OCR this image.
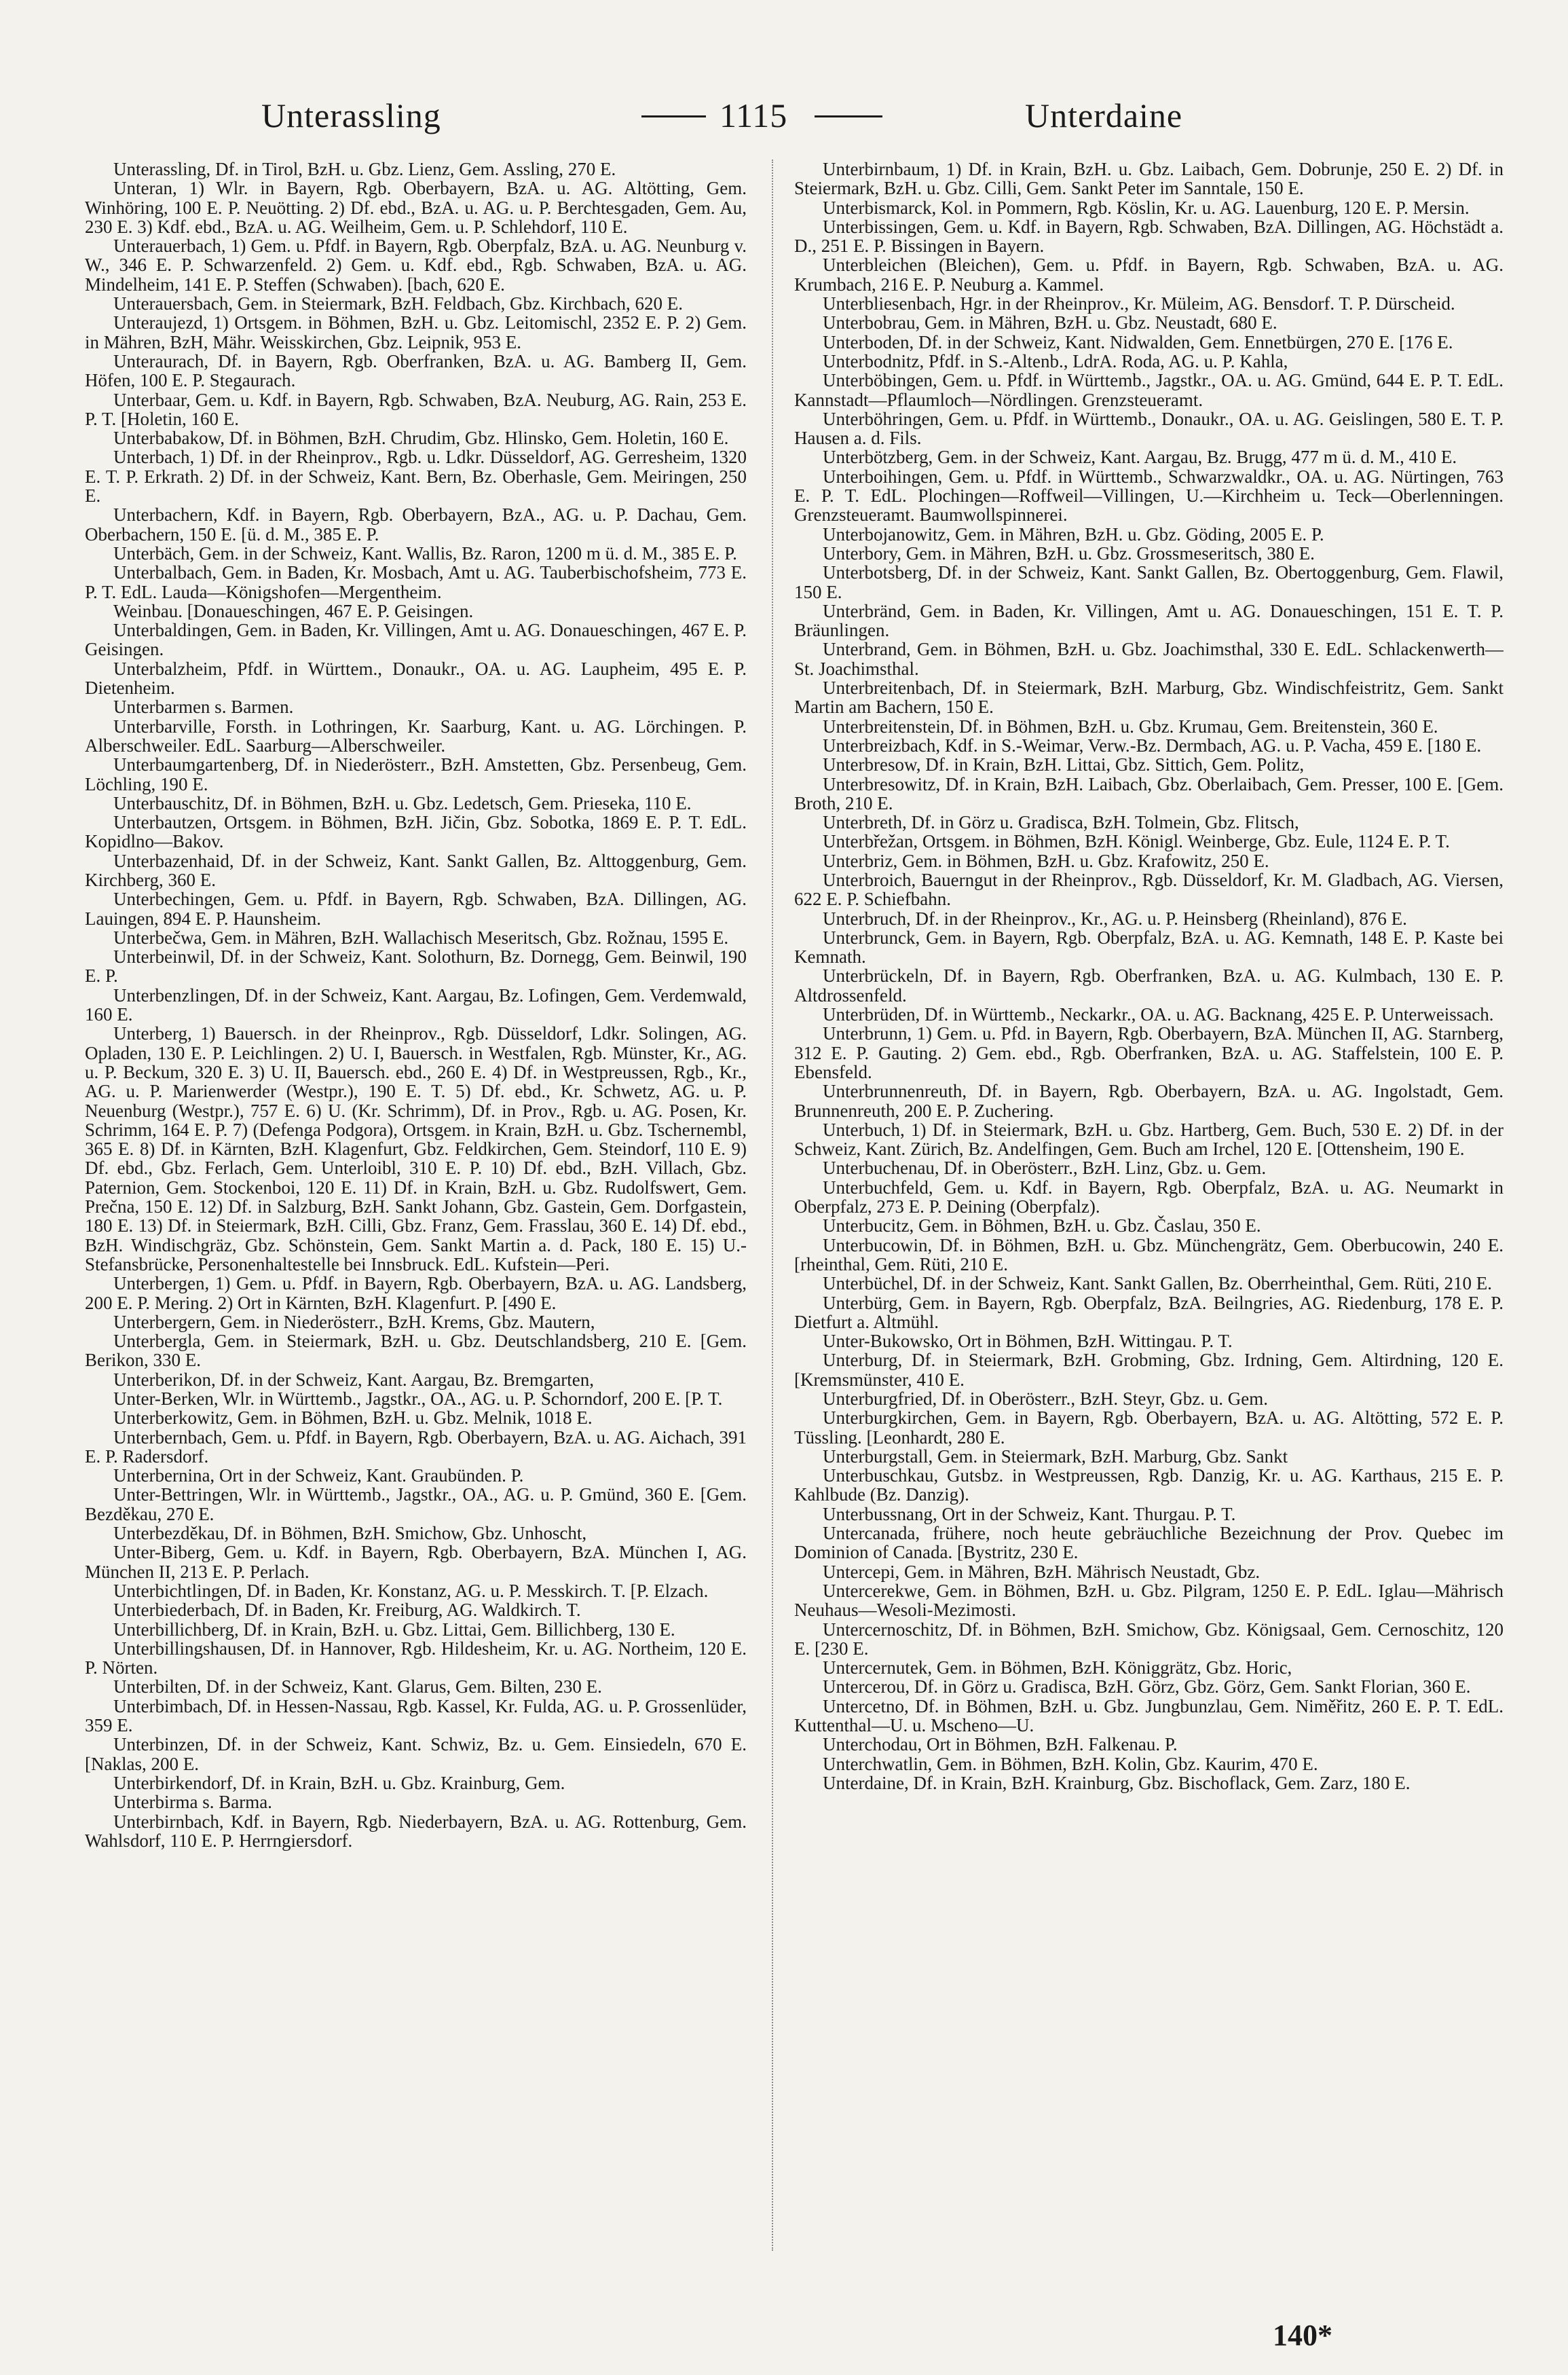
Unterassling	1115	Unterdaine

Unterassling, Df. in Tirol, BzH. u. Gbz. Lienz, Gem. Assling, 270 E.

Unteran, 1) Wlr. in Bayern, Rgb. Oberbayern, BzA. u. AG. Altötting, Gem. Winhöring, 100 E. P. Neuötting. 2) Df. ebd., BzA. u. AG. u. P. Berchtesgaden, Gem. Au, 230 E. 3) Kdf. ebd., BzA. u. AG. Weilheim, Gem. u. P. Schlehdorf, 110 E.

Unterauerbach, 1) Gem. u. Pfdf. in Bayern, Rgb. Oberpfalz, BzA. u. AG. Neunburg v. W., 346 E. P. Schwarzenfeld. 2) Gem. u. Kdf. ebd., Rgb. Schwaben, BzA. u. AG. Mindelheim, 141 E. P. Steffen (Schwaben). [bach, 620 E.

Unterauersbach, Gem. in Steiermark, BzH. Feldbach, Gbz. Kirchbach, 620 E.

Unteraujezd, 1) Ortsgem. in Böhmen, BzH. u. Gbz. Leitomischl, 2352 E. P. 2) Gem. in Mähren, BzH, Mähr. Weisskirchen, Gbz. Leipnik, 953 E.

Unteraurach, Df. in Bayern, Rgb. Oberfranken, BzA. u. AG. Bamberg II, Gem. Höfen, 100 E. P. Stegaurach.

Unterbaar, Gem. u. Kdf. in Bayern, Rgb. Schwaben, BzA. Neuburg, AG. Rain, 253 E. P. T. [Holetin, 160 E.

Unterbabakow, Df. in Böhmen, BzH. Chrudim, Gbz. Hlinsko, Gem. Holetin, 160 E.

Unterbach, 1) Df. in der Rheinprov., Rgb. u. Ldkr. Düsseldorf, AG. Gerresheim, 1320 E. T. P. Erkrath. 2) Df. in der Schweiz, Kant. Bern, Bz. Oberhasle, Gem. Meiringen, 250 E.

Unterbachern, Kdf. in Bayern, Rgb. Oberbayern, BzA., AG. u. P. Dachau, Gem. Oberbachern, 150 E. [ü. d. M., 385 E. P.

Unterbäch, Gem. in der Schweiz, Kant. Wallis, Bz. Raron, 1200 m ü. d. M., 385 E. P.

Unterbalbach, Gem. in Baden, Kr. Mosbach, Amt u. AG. Tauberbischofsheim, 773 E. P. T. EdL. Lauda—Königshofen—Mergentheim.

Weinbau. [Donaueschingen, 467 E. P. Geisingen.

Unterbaldingen, Gem. in Baden, Kr. Villingen, Amt u. AG. Donaueschingen, 467 E. P. Geisingen.

Unterbalzheim, Pfdf. in Württem., Donaukr., OA. u. AG. Laupheim, 495 E. P. Dietenheim.

Unterbarmen s. Barmen.

Unterbarville, Forsth. in Lothringen, Kr. Saarburg, Kant. u. AG. Lörchingen. P. Alberschweiler. EdL. Saarburg—Alberschweiler.

Unterbaumgartenberg, Df. in Niederösterr., BzH. Amstetten, Gbz. Persenbeug, Gem. Löchling, 190 E.

Unterbauschitz, Df. in Böhmen, BzH. u. Gbz. Ledetsch, Gem. Prieseka, 110 E.

Unterbautzen, Ortsgem. in Böhmen, BzH. Jičin, Gbz. Sobotka, 1869 E. P. T. EdL. Kopidlno—Bakov.

Unterbazenhaid, Df. in der Schweiz, Kant. Sankt Gallen, Bz. Alttoggenburg, Gem. Kirchberg, 360 E.

Unterbechingen, Gem. u. Pfdf. in Bayern, Rgb. Schwaben, BzA. Dillingen, AG. Lauingen, 894 E. P. Haunsheim.

Unterbečwa, Gem. in Mähren, BzH. Wallachisch Meseritsch, Gbz. Rožnau, 1595 E.

Unterbeinwil, Df. in der Schweiz, Kant. Solothurn, Bz. Dornegg, Gem. Beinwil, 190 E. P.

Unterbenzlingen, Df. in der Schweiz, Kant. Aargau, Bz. Lofingen, Gem. Verdemwald, 160 E.

Unterberg, 1) Bauersch. in der Rheinprov., Rgb. Düsseldorf, Ldkr. Solingen, AG. Opladen, 130 E. P. Leichlingen. 2) U. I, Bauersch. in Westfalen, Rgb. Münster, Kr., AG. u. P. Beckum, 320 E. 3) U. II, Bauersch. ebd., 260 E. 4) Df. in Westpreussen, Rgb., Kr., AG. u. P. Marienwerder (Westpr.), 190 E. T. 5) Df. ebd., Kr. Schwetz, AG. u. P. Neuenburg (Westpr.), 757 E. 6) U. (Kr. Schrimm), Df. in Prov., Rgb. u. AG. Posen, Kr. Schrimm, 164 E. P. 7) (Defenga Podgora), Ortsgem. in Krain, BzH. u. Gbz. Tschernembl, 365 E. 8) Df. in Kärnten, BzH. Klagenfurt, Gbz. Feldkirchen, Gem. Steindorf, 110 E. 9) Df. ebd., Gbz. Ferlach, Gem. Unterloibl, 310 E. P. 10) Df. ebd., BzH. Villach, Gbz. Paternion, Gem. Stockenboi, 120 E. 11) Df. in Krain, BzH. u. Gbz. Rudolfswert, Gem. Prečna, 150 E. 12) Df. in Salzburg, BzH. Sankt Johann, Gbz. Gastein, Gem. Dorfgastein, 180 E. 13) Df. in Steiermark, BzH. Cilli, Gbz. Franz, Gem. Frasslau, 360 E. 14) Df. ebd., BzH. Windischgräz, Gbz. Schönstein, Gem. Sankt Martin a. d. Pack, 180 E. 15) U.-Stefansbrücke, Personenhaltestelle bei Innsbruck. EdL. Kufstein—Peri.

Unterbergen, 1) Gem. u. Pfdf. in Bayern, Rgb. Oberbayern, BzA. u. AG. Landsberg, 200 E. P. Mering. 2) Ort in Kärnten, BzH. Klagenfurt. P. [490 E.

Unterbergern, Gem. in Niederösterr., BzH. Krems, Gbz. Mautern,

Unterbergla, Gem. in Steiermark, BzH. u. Gbz. Deutschlandsberg, 210 E. [Gem. Berikon, 330 E.

Unterberikon, Df. in der Schweiz, Kant. Aargau, Bz. Bremgarten,

Unter-Berken, Wlr. in Württemb., Jagstkr., OA., AG. u. P. Schorndorf, 200 E. [P. T.

Unterberkowitz, Gem. in Böhmen, BzH. u. Gbz. Melnik, 1018 E.

Unterbernbach, Gem. u. Pfdf. in Bayern, Rgb. Oberbayern, BzA. u. AG. Aichach, 391 E. P. Radersdorf.

Unterbernina, Ort in der Schweiz, Kant. Graubünden. P.

Unter-Bettringen, Wlr. in Württemb., Jagstkr., OA., AG. u. P. Gmünd, 360 E. [Gem. Bezděkau, 270 E.

Unterbezděkau, Df. in Böhmen, BzH. Smichow, Gbz. Unhoscht,

Unter-Biberg, Gem. u. Kdf. in Bayern, Rgb. Oberbayern, BzA. München I, AG. München II, 213 E. P. Perlach.

Unterbichtlingen, Df. in Baden, Kr. Konstanz, AG. u. P. Messkirch. T. [P. Elzach.

Unterbiederbach, Df. in Baden, Kr. Freiburg, AG. Waldkirch. T.

Unterbillichberg, Df. in Krain, BzH. u. Gbz. Littai, Gem. Billichberg, 130 E.

Unterbillingshausen, Df. in Hannover, Rgb. Hildesheim, Kr. u. AG. Northeim, 120 E. P. Nörten.

Unterbilten, Df. in der Schweiz, Kant. Glarus, Gem. Bilten, 230 E.

Unterbimbach, Df. in Hessen-Nassau, Rgb. Kassel, Kr. Fulda, AG. u. P. Grossenlüder, 359 E.

Unterbinzen, Df. in der Schweiz, Kant. Schwiz, Bz. u. Gem. Einsiedeln, 670 E. [Naklas, 200 E.

Unterbirkendorf, Df. in Krain, BzH. u. Gbz. Krainburg, Gem.

Unterbirma s. Barma.

Unterbirnbach, Kdf. in Bayern, Rgb. Niederbayern, BzA. u. AG. Rottenburg, Gem. Wahlsdorf, 110 E. P. Herrngiersdorf.

Unterbirnbaum, 1) Df. in Krain, BzH. u. Gbz. Laibach, Gem. Dobrunje, 250 E. 2) Df. in Steiermark, BzH. u. Gbz. Cilli, Gem. Sankt Peter im Sanntale, 150 E.

Unterbismarck, Kol. in Pommern, Rgb. Köslin, Kr. u. AG. Lauenburg, 120 E. P. Mersin.

Unterbissingen, Gem. u. Kdf. in Bayern, Rgb. Schwaben, BzA. Dillingen, AG. Höchstädt a. D., 251 E. P. Bissingen in Bayern.

Unterbleichen (Bleichen), Gem. u. Pfdf. in Bayern, Rgb. Schwaben, BzA. u. AG. Krumbach, 216 E. P. Neuburg a. Kammel.

Unterbliesenbach, Hgr. in der Rheinprov., Kr. Müleim, AG. Bensdorf. T. P. Dürscheid.

Unterbobrau, Gem. in Mähren, BzH. u. Gbz. Neustadt, 680 E.

Unterboden, Df. in der Schweiz, Kant. Nidwalden, Gem. Ennetbürgen, 270 E. [176 E.

Unterbodnitz, Pfdf. in S.-Altenb., LdrA. Roda, AG. u. P. Kahla,

Unterböbingen, Gem. u. Pfdf. in Württemb., Jagstkr., OA. u. AG. Gmünd, 644 E. P. T. EdL. Kannstadt—Pflaumloch—Nördlingen. Grenzsteueramt.

Unterböhringen, Gem. u. Pfdf. in Württemb., Donaukr., OA. u. AG. Geislingen, 580 E. T. P. Hausen a. d. Fils.

Unterbötzberg, Gem. in der Schweiz, Kant. Aargau, Bz. Brugg, 477 m ü. d. M., 410 E.

Unterboihingen, Gem. u. Pfdf. in Württemb., Schwarzwaldkr., OA. u. AG. Nürtingen, 763 E. P. T. EdL. Plochingen—Roffweil—Villingen, U.—Kirchheim u. Teck—Oberlenningen. Grenzsteueramt. Baumwollspinnerei.

Unterbojanowitz, Gem. in Mähren, BzH. u. Gbz. Göding, 2005 E. P.

Unterbory, Gem. in Mähren, BzH. u. Gbz. Grossmeseritsch, 380 E.

Unterbotsberg, Df. in der Schweiz, Kant. Sankt Gallen, Bz. Obertoggenburg, Gem. Flawil, 150 E.

Unterbränd, Gem. in Baden, Kr. Villingen, Amt u. AG. Donaueschingen, 151 E. T. P. Bräunlingen.

Unterbrand, Gem. in Böhmen, BzH. u. Gbz. Joachimsthal, 330 E. EdL. Schlackenwerth—St. Joachimsthal.

Unterbreitenbach, Df. in Steiermark, BzH. Marburg, Gbz. Windischfeistritz, Gem. Sankt Martin am Bachern, 150 E.

Unterbreitenstein, Df. in Böhmen, BzH. u. Gbz. Krumau, Gem. Breitenstein, 360 E.

Unterbreizbach, Kdf. in S.-Weimar, Verw.-Bz. Dermbach, AG. u. P. Vacha, 459 E. [180 E.

Unterbresow, Df. in Krain, BzH. Littai, Gbz. Sittich, Gem. Politz,

Unterbresowitz, Df. in Krain, BzH. Laibach, Gbz. Oberlaibach, Gem. Presser, 100 E. [Gem. Broth, 210 E.

Unterbreth, Df. in Görz u. Gradisca, BzH. Tolmein, Gbz. Flitsch,

Unterbřežan, Ortsgem. in Böhmen, BzH. Königl. Weinberge, Gbz. Eule, 1124 E. P. T.

Unterbriz, Gem. in Böhmen, BzH. u. Gbz. Krafowitz, 250 E.

Unterbroich, Bauerngut in der Rheinprov., Rgb. Düsseldorf, Kr. M. Gladbach, AG. Viersen, 622 E. P. Schiefbahn.

Unterbruch, Df. in der Rheinprov., Kr., AG. u. P. Heinsberg (Rheinland), 876 E.

Unterbrunck, Gem. in Bayern, Rgb. Oberpfalz, BzA. u. AG. Kemnath, 148 E. P. Kaste bei Kemnath.

Unterbrückeln, Df. in Bayern, Rgb. Oberfranken, BzA. u. AG. Kulmbach, 130 E. P. Altdrossenfeld.

Unterbrüden, Df. in Württemb., Neckarkr., OA. u. AG. Backnang, 425 E. P. Unterweissach.

Unterbrunn, 1) Gem. u. Pfd. in Bayern, Rgb. Oberbayern, BzA. München II, AG. Starnberg, 312 E. P. Gauting. 2) Gem. ebd., Rgb. Oberfranken, BzA. u. AG. Staffelstein, 100 E. P. Ebensfeld.

Unterbrunnenreuth, Df. in Bayern, Rgb. Oberbayern, BzA. u. AG. Ingolstadt, Gem. Brunnenreuth, 200 E. P. Zuchering.

Unterbuch, 1) Df. in Steiermark, BzH. u. Gbz. Hartberg, Gem. Buch, 530 E. 2) Df. in der Schweiz, Kant. Zürich, Bz. Andelfingen, Gem. Buch am Irchel, 120 E. [Ottensheim, 190 E.

Unterbuchenau, Df. in Oberösterr., BzH. Linz, Gbz. u. Gem.

Unterbuchfeld, Gem. u. Kdf. in Bayern, Rgb. Oberpfalz, BzA. u. AG. Neumarkt in Oberpfalz, 273 E. P. Deining (Oberpfalz).

Unterbucitz, Gem. in Böhmen, BzH. u. Gbz. Časlau, 350 E.

Unterbucowin, Df. in Böhmen, BzH. u. Gbz. Münchengrätz, Gem. Oberbucowin, 240 E. [rheinthal, Gem. Rüti, 210 E.

Unterbüchel, Df. in der Schweiz, Kant. Sankt Gallen, Bz. Oberrheinthal, Gem. Rüti, 210 E.

Unterbürg, Gem. in Bayern, Rgb. Oberpfalz, BzA. Beilngries, AG. Riedenburg, 178 E. P. Dietfurt a. Altmühl.

Unter-Bukowsko, Ort in Böhmen, BzH. Wittingau. P. T.

Unterburg, Df. in Steiermark, BzH. Grobming, Gbz. Irdning, Gem. Altirdning, 120 E. [Kremsmünster, 410 E.

Unterburgfried, Df. in Oberösterr., BzH. Steyr, Gbz. u. Gem.

Unterburgkirchen, Gem. in Bayern, Rgb. Oberbayern, BzA. u. AG. Altötting, 572 E. P. Tüssling. [Leonhardt, 280 E.

Unterburgstall, Gem. in Steiermark, BzH. Marburg, Gbz. Sankt

Unterbuschkau, Gutsbz. in Westpreussen, Rgb. Danzig, Kr. u. AG. Karthaus, 215 E. P. Kahlbude (Bz. Danzig).

Unterbussnang, Ort in der Schweiz, Kant. Thurgau. P. T.

Untercanada, frühere, noch heute gebräuchliche Bezeichnung der Prov. Quebec im Dominion of Canada. [Bystritz, 230 E.

Untercepi, Gem. in Mähren, BzH. Mährisch Neustadt, Gbz.

Untercerekwe, Gem. in Böhmen, BzH. u. Gbz. Pilgram, 1250 E. P. EdL. Iglau—Mährisch Neuhaus—Wesoli-Mezimosti.

Untercernoschitz, Df. in Böhmen, BzH. Smichow, Gbz. Königsaal, Gem. Cernoschitz, 120 E. [230 E.

Untercernutek, Gem. in Böhmen, BzH. Königgrätz, Gbz. Horic,

Untercerou, Df. in Görz u. Gradisca, BzH. Görz, Gbz. Görz, Gem. Sankt Florian, 360 E.

Untercetno, Df. in Böhmen, BzH. u. Gbz. Jungbunzlau, Gem. Niměřitz, 260 E. P. T. EdL. Kuttenthal—U. u. Mscheno—U.

Unterchodau, Ort in Böhmen, BzH. Falkenau. P.

Unterchwatlin, Gem. in Böhmen, BzH. Kolin, Gbz. Kaurim, 470 E.

Unterdaine, Df. in Krain, BzH. Krainburg, Gbz. Bischoflack, Gem. Zarz, 180 E.

140*
